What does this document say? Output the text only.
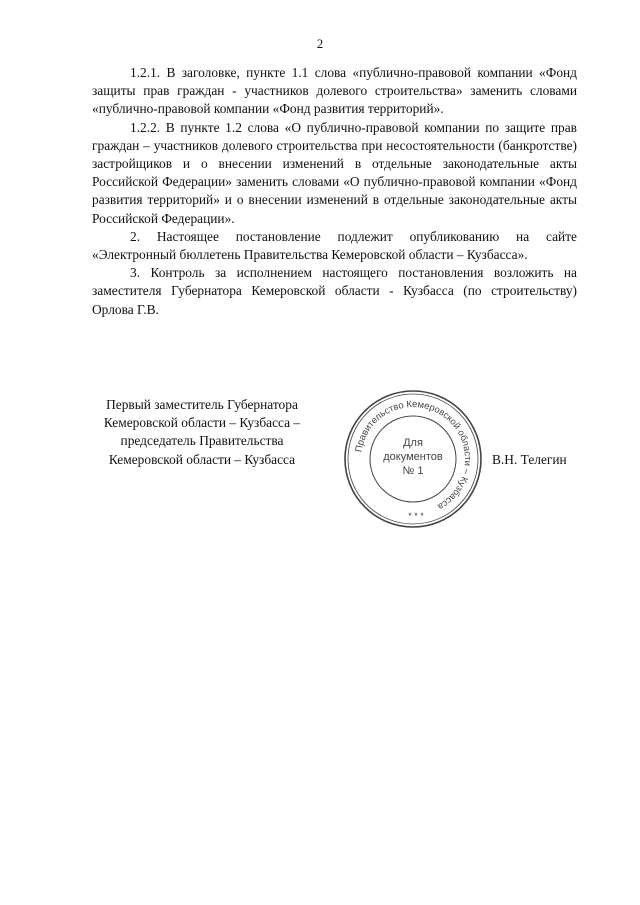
2

1.2.1. В заголовке, пункте 1.1 слова «публично-правовой компании «Фонд защиты прав граждан - участников долевого строительства» заменить словами «публично-правовой компании «Фонд развития территорий».

1.2.2. В пункте 1.2 слова «О публично-правовой компании по защите прав граждан – участников долевого строительства при несостоятельности (банкротстве) застройщиков и о внесении изменений в отдельные законодательные акты Российской Федерации» заменить словами «О публично-правовой компании «Фонд развития территорий» и о внесении изменений в отдельные законодательные акты Российской Федерации».

2. Настоящее постановление подлежит опубликованию на сайте «Электронный бюллетень Правительства Кемеровской области – Кузбасса».

3. Контроль за исполнением настоящего постановления возложить на заместителя Губернатора Кемеровской области - Кузбасса (по строительству) Орлова Г.В.

Первый заместитель Губернатора
Кемеровской области – Кузбасса –
председатель Правительства
Кемеровской области – Кузбасса
Правительство Кемеровской области – Кузбасса
* * *
Для
документов
№ 1
В.Н. Телегин
